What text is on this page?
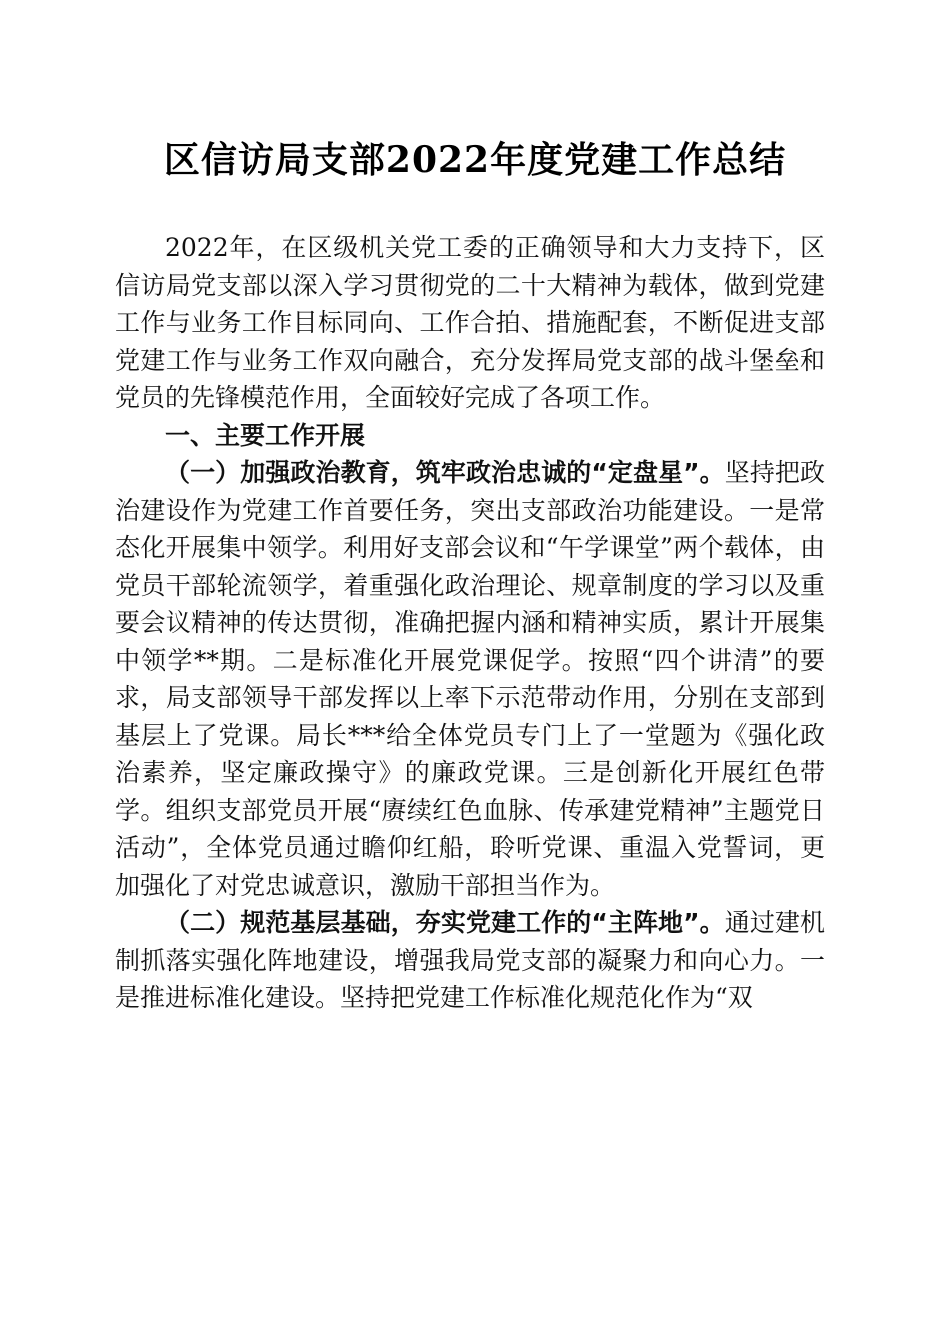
区信访局支部2022年度党建工作总结

2022年，在区级机关党工委的正确领导和大力支持下，区信访局党支部以深入学习贯彻党的二十大精神为载体，做到党建工作与业务工作目标同向、工作合拍、措施配套，不断促进支部党建工作与业务工作双向融合，充分发挥局党支部的战斗堡垒和党员的先锋模范作用，全面较好完成了各项工作。

一、主要工作开展

（一）加强政治教育，筑牢政治忠诚的“定盘星”。坚持把政治建设作为党建工作首要任务，突出支部政治功能建设。一是常态化开展集中领学。利用好支部会议和“午学课堂”两个载体，由党员干部轮流领学，着重强化政治理论、规章制度的学习以及重要会议精神的传达贯彻，准确把握内涵和精神实质，累计开展集中领学**期。二是标准化开展党课促学。按照“四个讲清”的要求，局支部领导干部发挥以上率下示范带动作用，分别在支部到基层上了党课。局长***给全体党员专门上了一堂题为《强化政治素养，坚定廉政操守》的廉政党课。三是创新化开展红色带学。组织支部党员开展“赓续红色血脉、传承建党精神”主题党日活动”，全体党员通过瞻仰红船，聆听党课、重温入党誓词，更加强化了对党忠诚意识，激励干部担当作为。

（二）规范基层基础，夯实党建工作的“主阵地”。通过建机制抓落实强化阵地建设，增强我局党支部的凝聚力和向心力。一是推进标准化建设。坚持把党建工作标准化规范化作为“双
